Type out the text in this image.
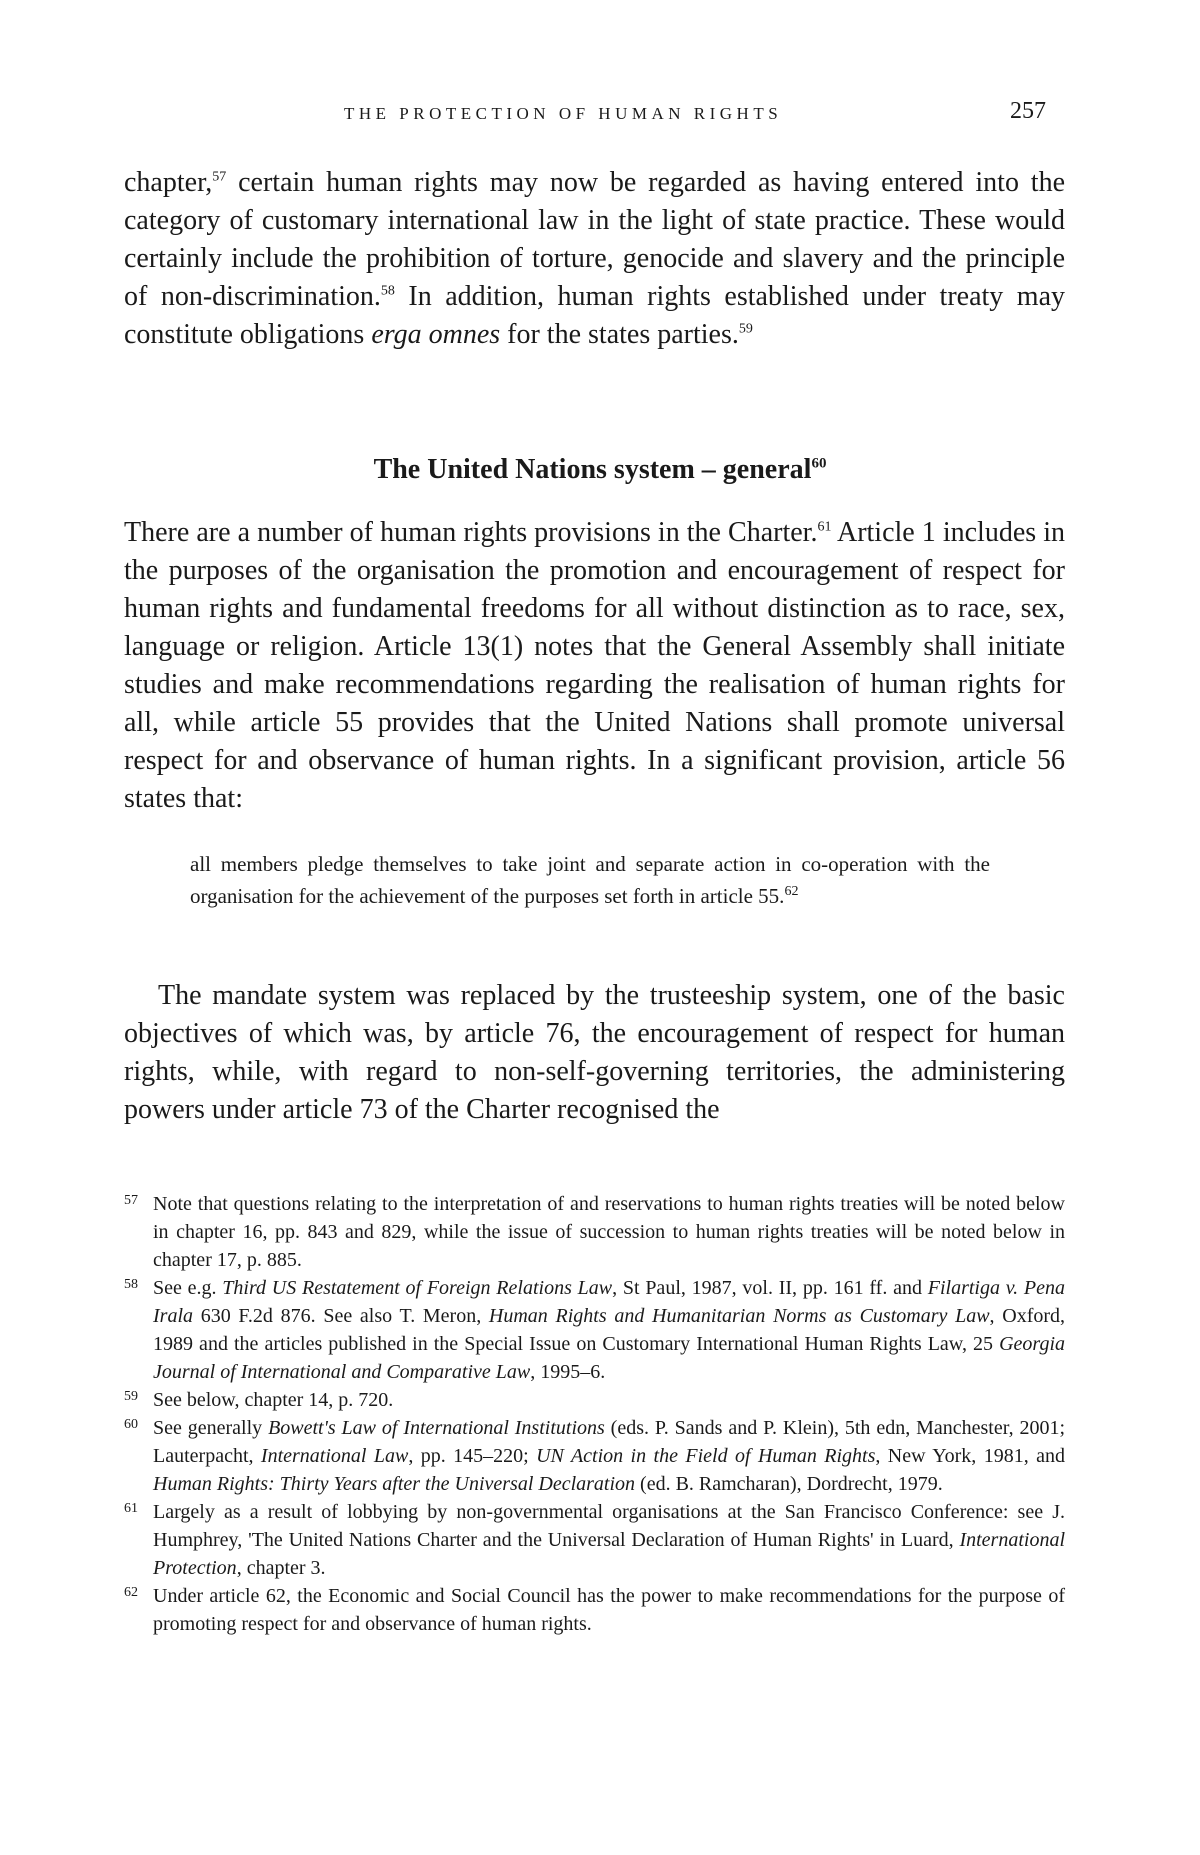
THE PROTECTION OF HUMAN RIGHTS	257
chapter,$^{57}$ certain human rights may now be regarded as having entered into the category of customary international law in the light of state practice. These would certainly include the prohibition of torture, genocide and slavery and the principle of non-discrimination.$^{58}$ In addition, human rights established under treaty may constitute obligations erga omnes for the states parties.$^{59}$
The United Nations system – general$^{60}$
There are a number of human rights provisions in the Charter.$^{61}$ Article 1 includes in the purposes of the organisation the promotion and encouragement of respect for human rights and fundamental freedoms for all without distinction as to race, sex, language or religion. Article 13(1) notes that the General Assembly shall initiate studies and make recommendations regarding the realisation of human rights for all, while article 55 provides that the United Nations shall promote universal respect for and observance of human rights. In a significant provision, article 56 states that:
all members pledge themselves to take joint and separate action in co-operation with the organisation for the achievement of the purposes set forth in article 55.62
The mandate system was replaced by the trusteeship system, one of the basic objectives of which was, by article 76, the encouragement of respect for human rights, while, with regard to non-self-governing territories, the administering powers under article 73 of the Charter recognised the
57 Note that questions relating to the interpretation of and reservations to human rights treaties will be noted below in chapter 16, pp. 843 and 829, while the issue of succession to human rights treaties will be noted below in chapter 17, p. 885.
58 See e.g. Third US Restatement of Foreign Relations Law, St Paul, 1987, vol. II, pp. 161 ff. and Filartiga v. Pena Irala 630 F.2d 876. See also T. Meron, Human Rights and Humanitarian Norms as Customary Law, Oxford, 1989 and the articles published in the Special Issue on Customary International Human Rights Law, 25 Georgia Journal of International and Comparative Law, 1995–6.
59 See below, chapter 14, p. 720.
60 See generally Bowett's Law of International Institutions (eds. P. Sands and P. Klein), 5th edn, Manchester, 2001; Lauterpacht, International Law, pp. 145–220; UN Action in the Field of Human Rights, New York, 1981, and Human Rights: Thirty Years after the Universal Declaration (ed. B. Ramcharan), Dordrecht, 1979.
61 Largely as a result of lobbying by non-governmental organisations at the San Francisco Conference: see J. Humphrey, 'The United Nations Charter and the Universal Declaration of Human Rights' in Luard, International Protection, chapter 3.
62 Under article 62, the Economic and Social Council has the power to make recommendations for the purpose of promoting respect for and observance of human rights.
